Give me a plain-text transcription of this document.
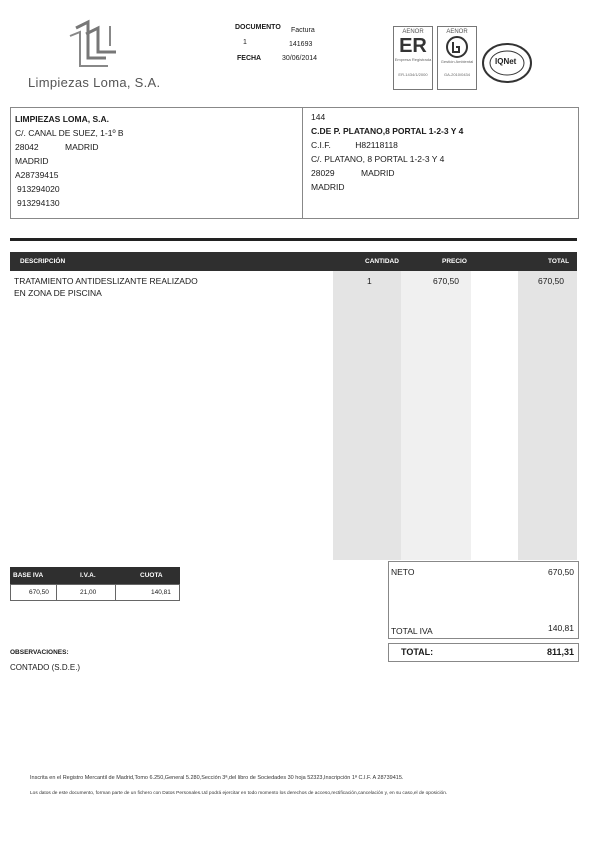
Limpiezas Loma, S.A.
DOCUMENTO Factura
1	141693
FECHA	30/06/2014
AENOR
ER
Empresa Registrada
ER-1434/1/2000
AENOR
Gestión Ambiental
GA-2010/0434
IQNet
LIMPIEZAS LOMA, S.A.
C/. CANAL DE SUEZ, 1-1º B
28042	MADRID
MADRID
A28739415
913294020
913294130
144
C.DE P. PLATANO,8 PORTAL 1-2-3 Y 4
C.I.F.	H82118118
C/. PLATANO, 8 PORTAL 1-2-3 Y 4
28029	MADRID
MADRID
DESCRIPCIÓN	CANTIDAD	PRECIO	TOTAL
TRATAMIENTO ANTIDESLIZANTE REALIZADO
EN ZONA DE PISCINA
1	670,50	670,50
BASE IVA	I.V.A.	CUOTA
670,50	21,00	140,81
NETO	670,50
TOTAL IVA	140,81
TOTAL:	811,31
OBSERVACIONES:
CONTADO (S.D.E.)
Inscrita en el Registro Mercantil de Madrid,Tomo 6.250,General 5.280,Sección 3ª,del libro de Sociedades 30 hoja 52323,Inscripción 1ª C.I.F. A 28739415.
Los datos de este documento, forman parte de un fichero con Datos Personales.Ud podrá ejercitar en todo momento los derechos de acceso,rectificación,cancelación y, en su caso,el de oposición.
